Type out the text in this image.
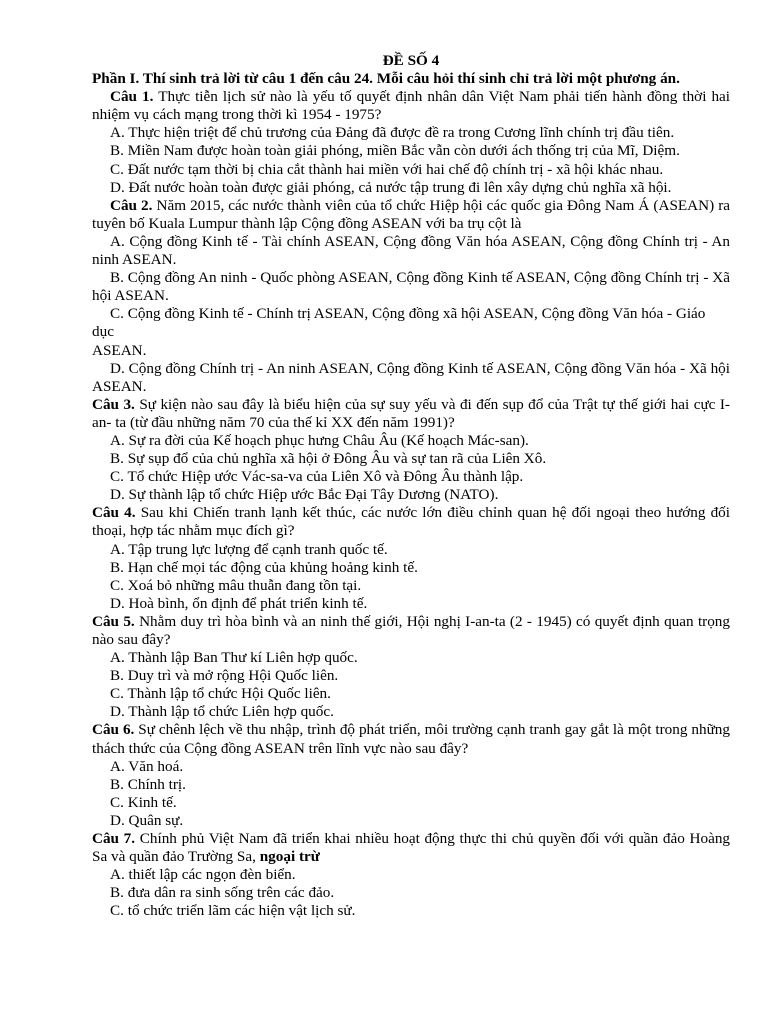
ĐỀ SỐ 4
Phần I. Thí sinh trả lời từ câu 1 đến câu 24. Mỗi câu hỏi thí sinh chỉ trả lời một phương án.
Câu 1. Thực tiễn lịch sử nào là yếu tố quyết định nhân dân Việt Nam phải tiến hành đồng thời hai nhiệm vụ cách mạng trong thời kì 1954 - 1975?
A. Thực hiện triệt để chủ trương của Đảng đã được đề ra trong Cương lĩnh chính trị đầu tiên.
B. Miền Nam được hoàn toàn giải phóng, miền Bắc vẫn còn dưới ách thống trị của Mĩ, Diệm.
C. Đất nước tạm thời bị chia cắt thành hai miền với hai chế độ chính trị - xã hội khác nhau.
D. Đất nước hoàn toàn được giải phóng, cả nước tập trung đi lên xây dựng chủ nghĩa xã hội.
Câu 2. Năm 2015, các nước thành viên của tổ chức Hiệp hội các quốc gia Đông Nam Á (ASEAN) ra tuyên bố Kuala Lumpur thành lập Cộng đồng ASEAN với ba trụ cột là
A. Cộng đồng Kinh tế - Tài chính ASEAN, Cộng đồng Văn hóa ASEAN, Cộng đồng Chính trị - An ninh ASEAN.
B. Cộng đồng An ninh - Quốc phòng ASEAN, Cộng đồng Kinh tế ASEAN, Cộng đồng Chính trị - Xã hội ASEAN.
C. Cộng đồng Kinh tế - Chính trị ASEAN, Cộng đồng xã hội ASEAN, Cộng đồng Văn hóa - Giáo dục
ASEAN.
D. Cộng đồng Chính trị - An ninh ASEAN, Cộng đồng Kinh tế ASEAN, Cộng đồng Văn hóa - Xã hội ASEAN.
Câu 3. Sự kiện nào sau đây là biểu hiện của sự suy yếu và đi đến sụp đổ của Trật tự thế giới hai cực I-an- ta (từ đầu những năm 70 của thế kỉ XX đến năm 1991)?
A. Sự ra đời của Kế hoạch phục hưng Châu Âu (Kế hoạch Mác-san).
B. Sự sụp đổ của chủ nghĩa xã hội ở Đông Âu và sự tan rã của Liên Xô.
C. Tổ chức Hiệp ước Vác-sa-va của Liên Xô và Đông Âu thành lập.
D. Sự thành lập tổ chức Hiệp ước Bắc Đại Tây Dương (NATO).
Câu 4. Sau khi Chiến tranh lạnh kết thúc, các nước lớn điều chỉnh quan hệ đối ngoại theo hướng đối thoại, hợp tác nhằm mục đích gì?
A. Tập trung lực lượng để cạnh tranh quốc tế.
B. Hạn chế mọi tác động của khủng hoảng kinh tế.
C. Xoá bỏ những mâu thuẫn đang tồn tại.
D. Hoà bình, ổn định để phát triển kinh tế.
Câu 5. Nhằm duy trì hòa bình và an ninh thế giới, Hội nghị I-an-ta (2 - 1945) có quyết định quan trọng nào sau đây?
A. Thành lập Ban Thư kí Liên hợp quốc.
B. Duy trì và mở rộng Hội Quốc liên.
C. Thành lập tổ chức Hội Quốc liên.
D. Thành lập tổ chức Liên hợp quốc.
Câu 6. Sự chênh lệch về thu nhập, trình độ phát triển, môi trường cạnh tranh gay gắt là một trong những thách thức của Cộng đồng ASEAN trên lĩnh vực nào sau đây?
A. Văn hoá.
B. Chính trị.
C. Kinh tế.
D. Quân sự.
Câu 7. Chính phủ Việt Nam đã triển khai nhiều hoạt động thực thi chủ quyền đối với quần đảo Hoàng Sa và quần đảo Trường Sa, ngoại trừ
A. thiết lập các ngọn đèn biển.
B. đưa dân ra sinh sống trên các đảo.
C. tổ chức triển lãm các hiện vật lịch sử.
